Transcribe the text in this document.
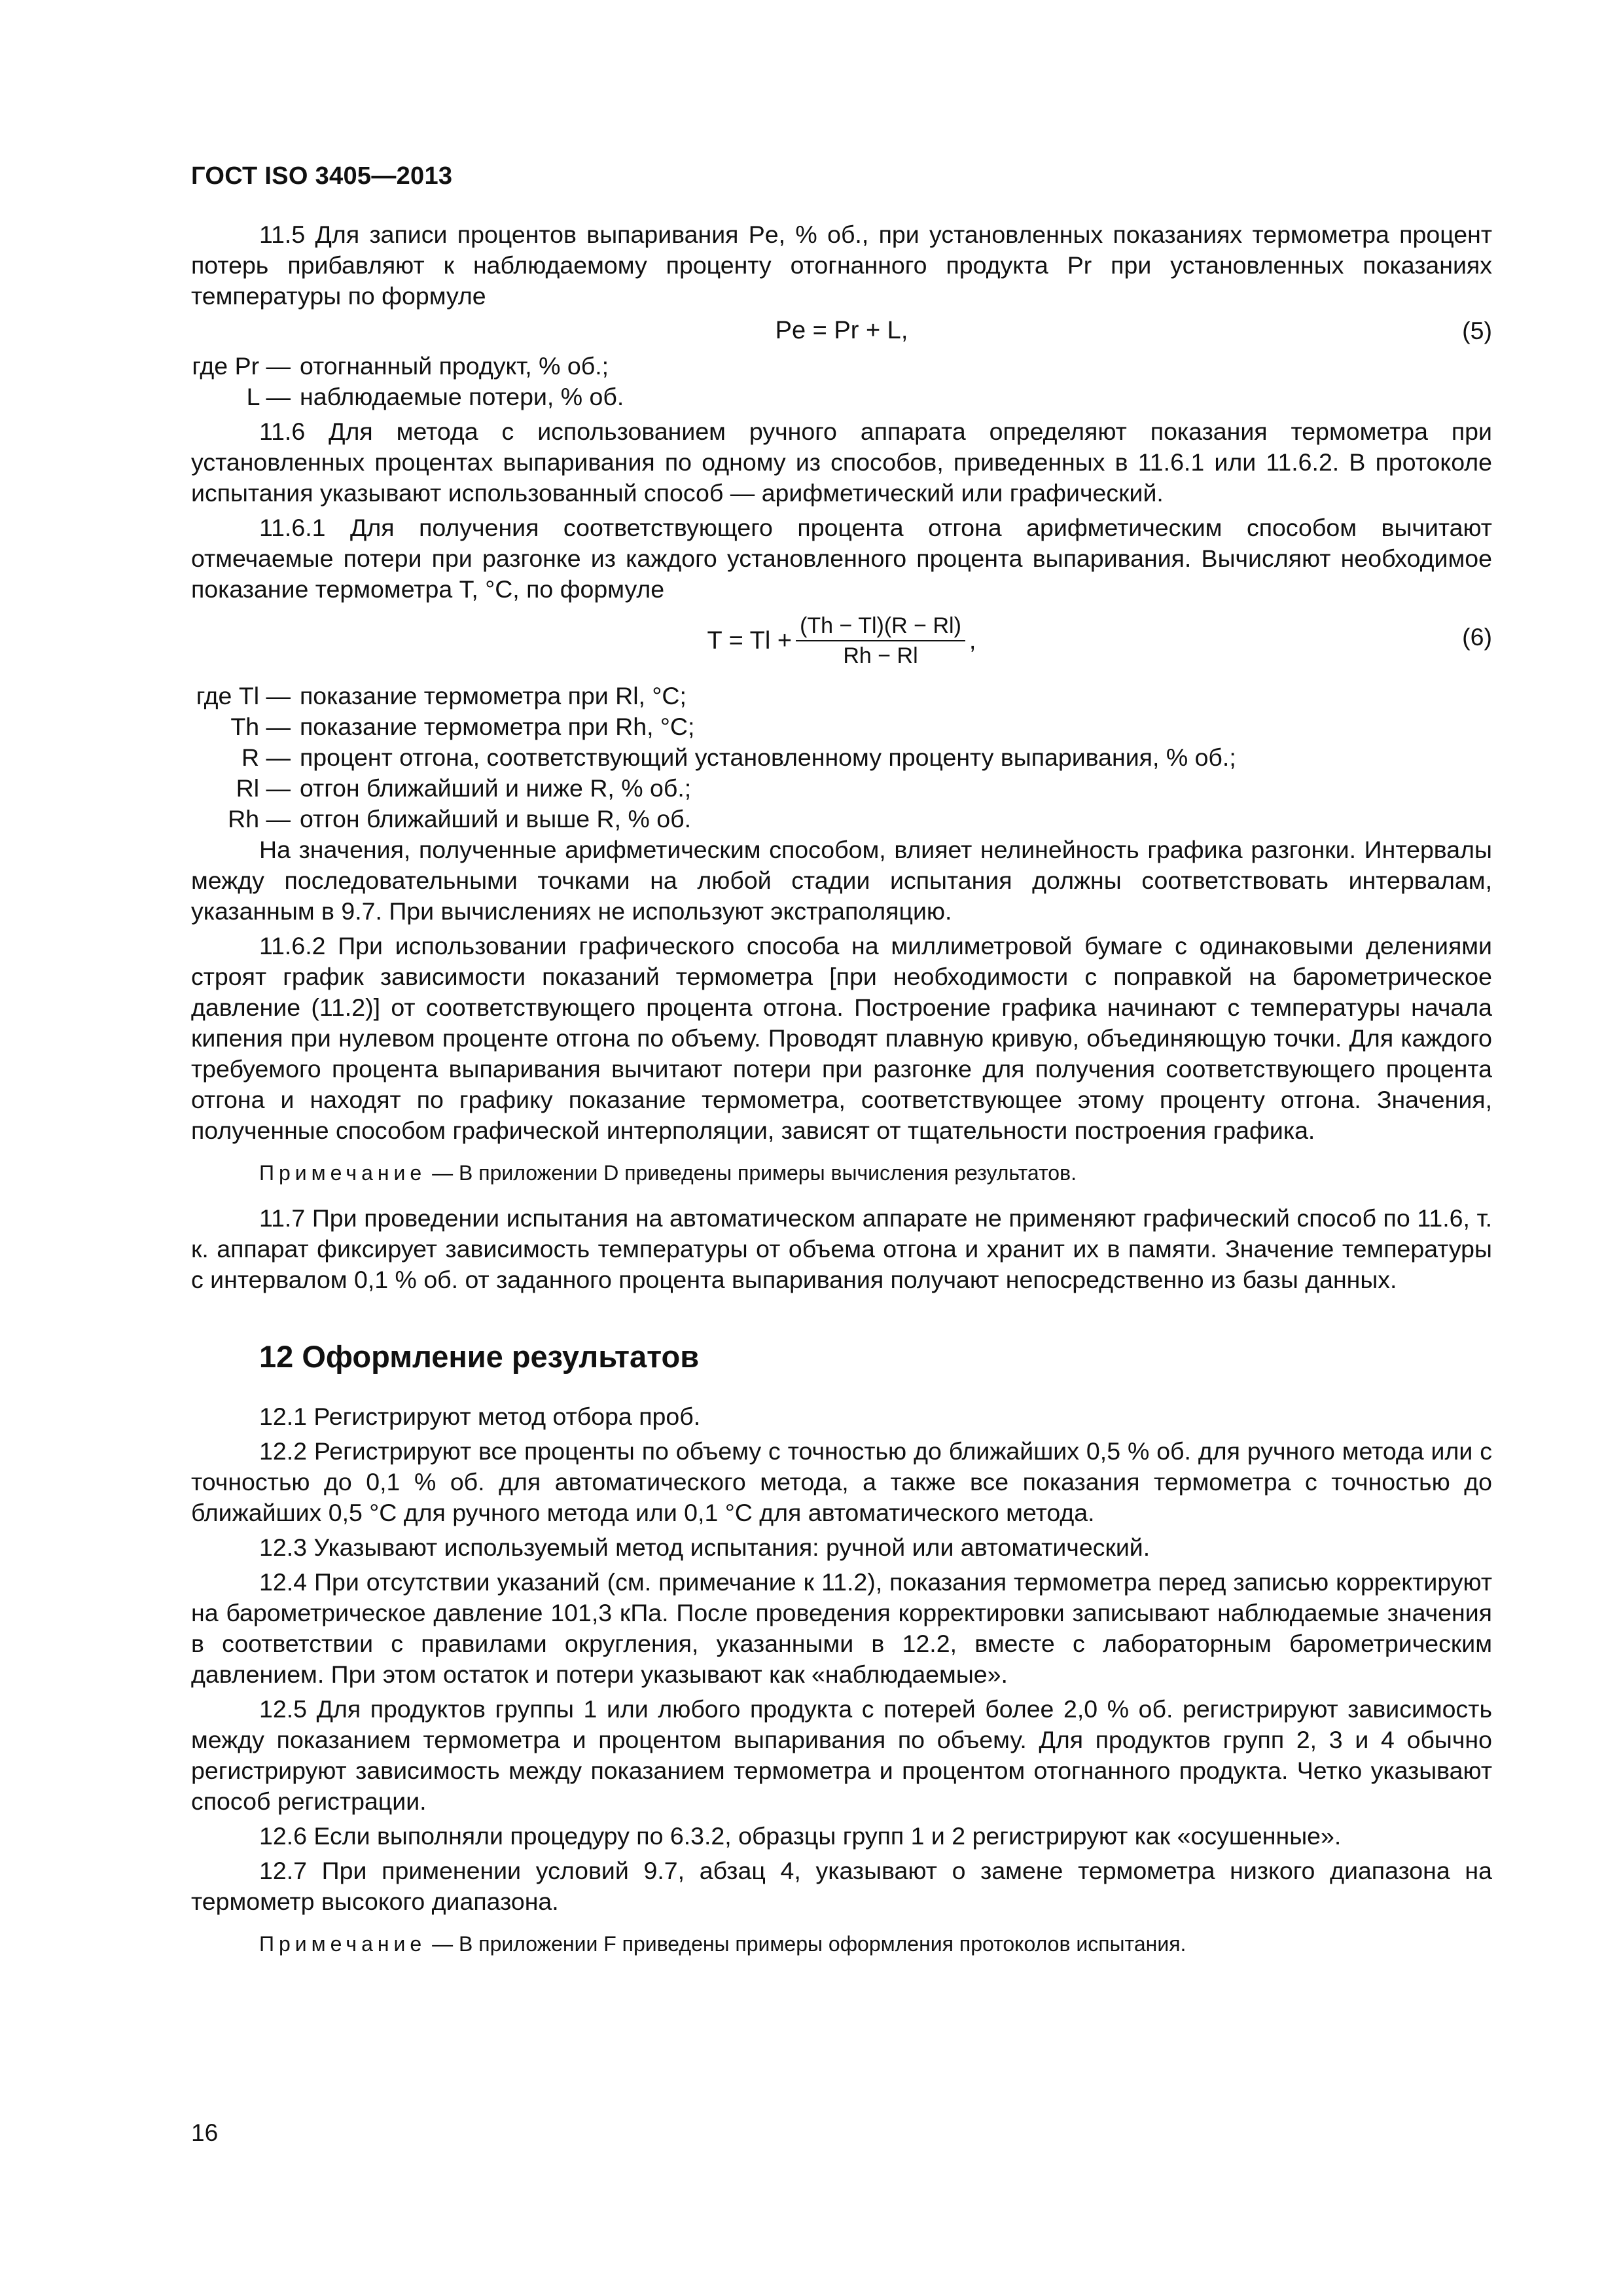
ГОСТ ISO 3405—2013

11.5 Для записи процентов выпаривания Pe, % об., при установленных показаниях термометра процент потерь прибавляют к наблюдаемому проценту отогнанного продукта Pr при установленных показаниях температуры по формуле

Pe = Pr + L,	(5)
где Pr — отогнанный продукт, % об.;
L — наблюдаемые потери, % об.

11.6 Для метода с использованием ручного аппарата определяют показания термометра при установленных процентах выпаривания по одному из способов, приведенных в 11.6.1 или 11.6.2. В протоколе испытания указывают использованный способ — арифметический или графический.

11.6.1 Для получения соответствующего процента отгона арифметическим способом вычитают отмечаемые потери при разгонке из каждого установленного процента выпаривания. Вычисляют необходимое показание термометра T, °C, по формуле

$T = Tl + \frac{(Th - Tl)(R - Rl)}{Rh - Rl}$ ,	(6)
где Tl — показание термометра при Rl, °C;
Th — показание термометра при Rh, °C;
R — процент отгона, соответствующий установленному проценту выпаривания, % об.;
Rl — отгон ближайший и ниже R, % об.;
Rh — отгон ближайший и выше R, % об.

На значения, полученные арифметическим способом, влияет нелинейность графика разгонки. Интервалы между последовательными точками на любой стадии испытания должны соответствовать интервалам, указанным в 9.7. При вычислениях не используют экстраполяцию.

11.6.2 При использовании графического способа на миллиметровой бумаге с одинаковыми делениями строят график зависимости показаний термометра [при необходимости с поправкой на барометрическое давление (11.2)] от соответствующего процента отгона. Построение графика начинают с температуры начала кипения при нулевом проценте отгона по объему. Проводят плавную кривую, объединяющую точки. Для каждого требуемого процента выпаривания вычитают потери при разгонке для получения соответствующего процента отгона и находят по графику показание термометра, соответствующее этому проценту отгона. Значения, полученные способом графической интерполяции, зависят от тщательности построения графика.

Примечание — В приложении D приведены примеры вычисления результатов.

11.7 При проведении испытания на автоматическом аппарате не применяют графический способ по 11.6, т. к. аппарат фиксирует зависимость температуры от объема отгона и хранит их в памяти. Значение температуры с интервалом 0,1 % об. от заданного процента выпаривания получают непосредственно из базы данных.

12 Оформление результатов

12.1 Регистрируют метод отбора проб.

12.2 Регистрируют все проценты по объему с точностью до ближайших 0,5 % об. для ручного метода или с точностью до 0,1 % об. для автоматического метода, а также все показания термометра с точностью до ближайших 0,5 °C для ручного метода или 0,1 °C для автоматического метода.

12.3 Указывают используемый метод испытания: ручной или автоматический.

12.4 При отсутствии указаний (см. примечание к 11.2), показания термометра перед записью корректируют на барометрическое давление 101,3 кПа. После проведения корректировки записывают наблюдаемые значения в соответствии с правилами округления, указанными в 12.2, вместе с лабораторным барометрическим давлением. При этом остаток и потери указывают как «наблюдаемые».

12.5 Для продуктов группы 1 или любого продукта с потерей более 2,0 % об. регистрируют зависимость между показанием термометра и процентом выпаривания по объему. Для продуктов групп 2, 3 и 4 обычно регистрируют зависимость между показанием термометра и процентом отогнанного продукта. Четко указывают способ регистрации.

12.6 Если выполняли процедуру по 6.3.2, образцы групп 1 и 2 регистрируют как «осушенные».

12.7 При применении условий 9.7, абзац 4, указывают о замене термометра низкого диапазона на термометр высокого диапазона.

Примечание — В приложении F приведены примеры оформления протоколов испытания.

16
